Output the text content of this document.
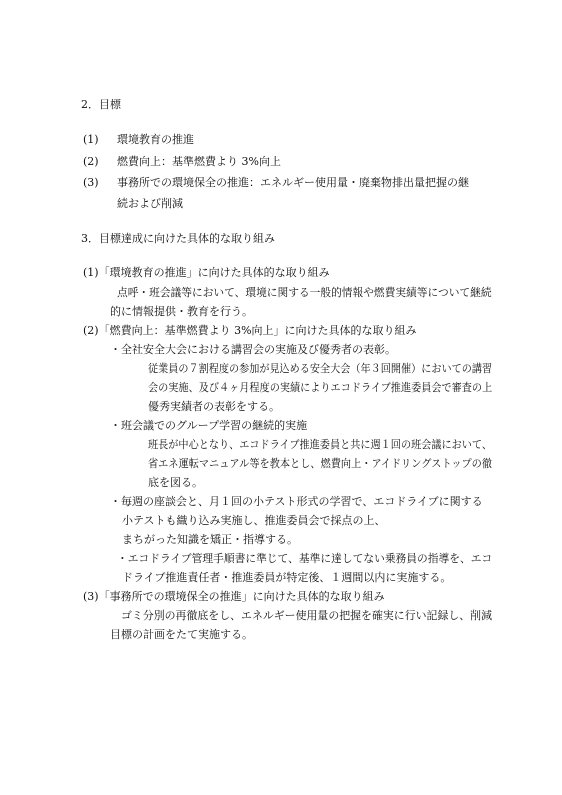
2．目標
(1) 環境教育の推進
(2) 燃費向上：基準燃費より 3%向上
(3) 事務所での環境保全の推進：エネルギー使用量・廃棄物排出量把握の継
続および削減
3．目標達成に向けた具体的な取り組み
(1)「環境教育の推進」に向けた具体的な取り組み
点呼・班会議等において、環境に関する一般的情報や燃費実績等について継続
的に情報提供・教育を行う。
(2)「燃費向上：基準燃費より 3%向上」に向けた具体的な取り組み
・全社安全大会における講習会の実施及び優秀者の表彰。
従業員の７割程度の参加が見込める安全大会（年３回開催）においての講習
会の実施、及び４ヶ月程度の実績によりエコドライブ推進委員会で審査の上
優秀実績者の表彰をする。
・班会議でのグループ学習の継続的実施
班長が中心となり、エコドライブ推進委員と共に週１回の班会議において、
省エネ運転マニュアル等を教本とし、燃費向上・アイドリングストップの徹
底を図る。
・毎週の座談会と、月１回の小テスト形式の学習で、エコドライブに関する
小テストも織り込み実施し、推進委員会で採点の上、
まちがった知識を矯正・指導する。
・エコドライブ管理手順書に準じて、基準に達してない乗務員の指導を、エコ
ドライブ推進責任者・推進委員が特定後、１週間以内に実施する。
(3)「事務所での環境保全の推進」に向けた具体的な取り組み
ゴミ分別の再徹底をし、エネルギー使用量の把握を確実に行い記録し、削減
目標の計画をたて実施する。
